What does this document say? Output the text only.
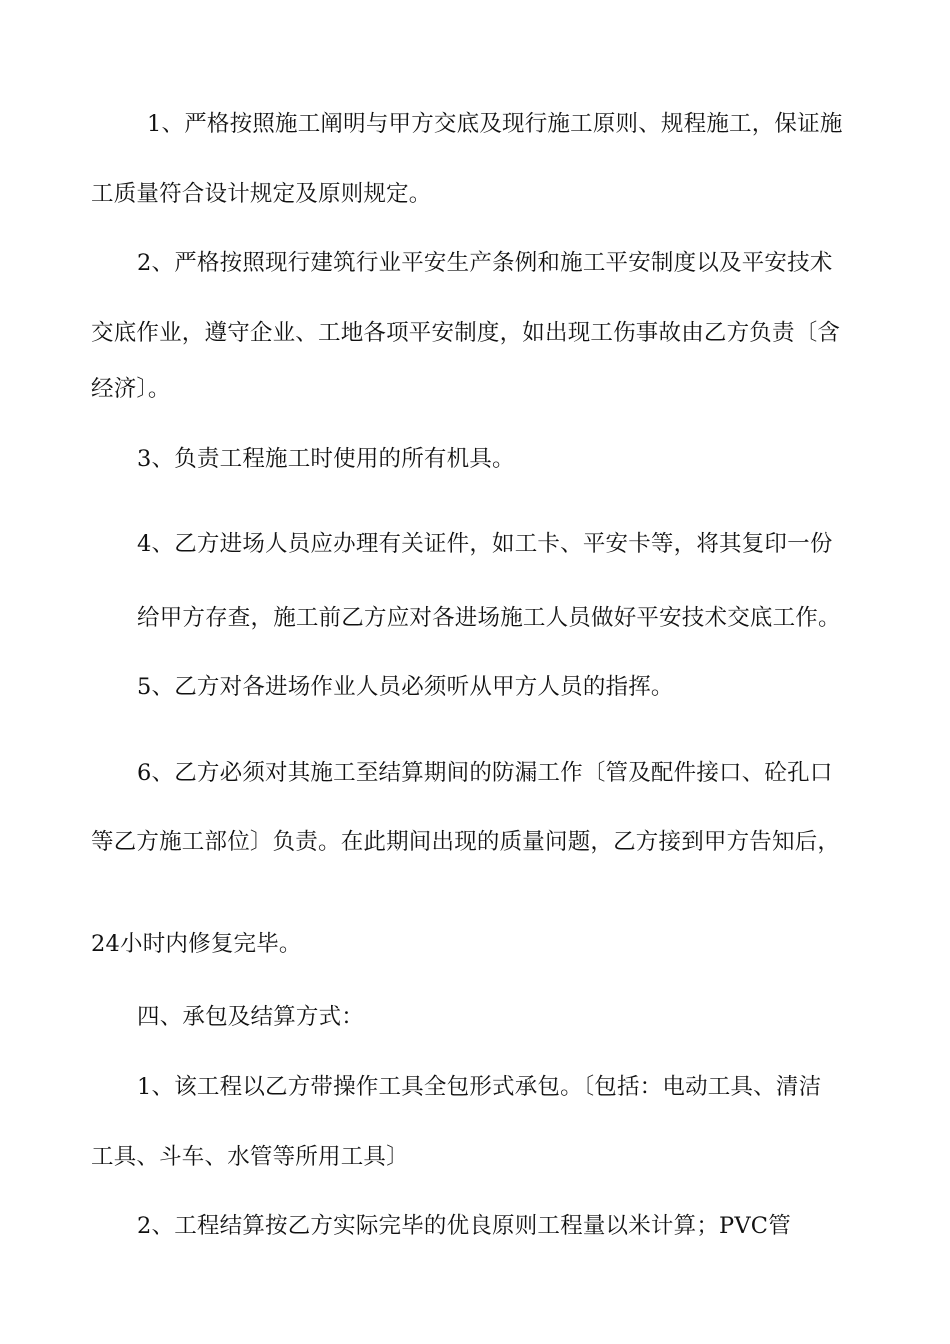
1、严格按照施工阐明与甲方交底及现行施工原则、规程施工，保证施
工质量符合设计规定及原则规定。
2、严格按照现行建筑行业平安生产条例和施工平安制度以及平安技术
交底作业，遵守企业、工地各项平安制度，如出现工伤事故由乙方负责〔含
经济〕。
3、负责工程施工时使用的所有机具。
4、乙方进场人员应办理有关证件，如工卡、平安卡等，将其复印一份
给甲方存查，施工前乙方应对各进场施工人员做好平安技术交底工作。
5、乙方对各进场作业人员必须听从甲方人员的指挥。
6、乙方必须对其施工至结算期间的防漏工作〔管及配件接口、砼孔口
等乙方施工部位〕负责。在此期间出现的质量问题，乙方接到甲方告知后，
24小时内修复完毕。
四、承包及结算方式：
1、该工程以乙方带操作工具全包形式承包。〔包括：电动工具、清洁
工具、斗车、水管等所用工具〕
2、工程结算按乙方实际完毕的优良原则工程量以米计算；PVC管
